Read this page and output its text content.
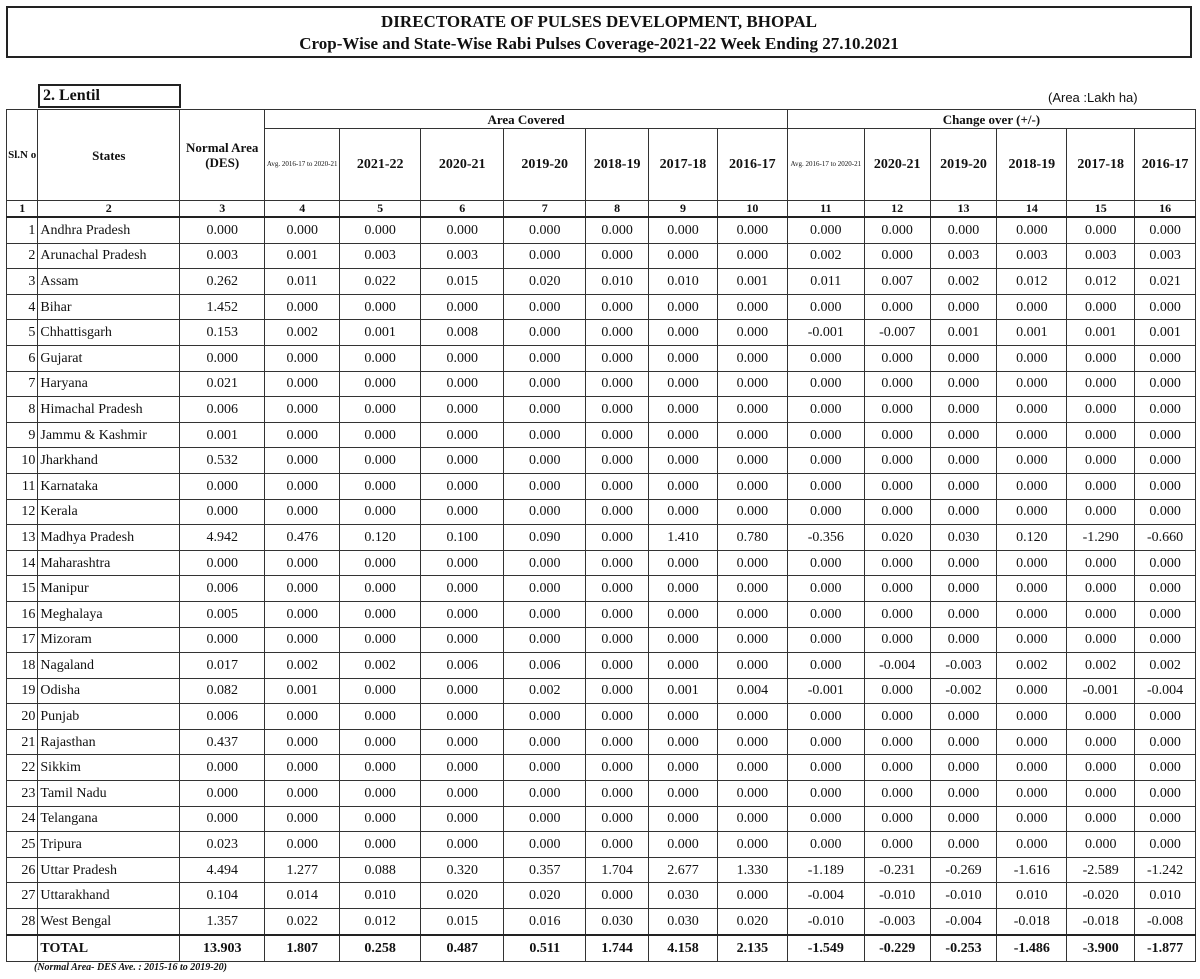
DIRECTORATE OF PULSES DEVELOPMENT, BHOPAL
Crop-Wise and State-Wise Rabi Pulses Coverage-2021-22 Week Ending 27.10.2021
2. Lentil	(Area :Lakh ha)
Sl.N o	States	Normal Area (DES)	Area Covered							Change over (+/-)					
			Avg. 2016-17 to 2020-21	2021-22	2020-21	2019-20	2018-19	2017-18	2016-17	Avg. 2016-17 to 2020-21	2020-21	2019-20	2018-19	2017-18	2016-17
1	2	3	4	5	6	7	8	9	10	11	12	13	14	15	16
1	Andhra Pradesh	0.000	0.000	0.000	0.000	0.000	0.000	0.000	0.000	0.000	0.000	0.000	0.000	0.000	0.000
2	Arunachal Pradesh	0.003	0.001	0.003	0.003	0.000	0.000	0.000	0.000	0.002	0.000	0.003	0.003	0.003	0.003
3	Assam	0.262	0.011	0.022	0.015	0.020	0.010	0.010	0.001	0.011	0.007	0.002	0.012	0.012	0.021
4	Bihar	1.452	0.000	0.000	0.000	0.000	0.000	0.000	0.000	0.000	0.000	0.000	0.000	0.000	0.000
5	Chhattisgarh	0.153	0.002	0.001	0.008	0.000	0.000	0.000	0.000	-0.001	-0.007	0.001	0.001	0.001	0.001
6	Gujarat	0.000	0.000	0.000	0.000	0.000	0.000	0.000	0.000	0.000	0.000	0.000	0.000	0.000	0.000
7	Haryana	0.021	0.000	0.000	0.000	0.000	0.000	0.000	0.000	0.000	0.000	0.000	0.000	0.000	0.000
8	Himachal Pradesh	0.006	0.000	0.000	0.000	0.000	0.000	0.000	0.000	0.000	0.000	0.000	0.000	0.000	0.000
9	Jammu & Kashmir	0.001	0.000	0.000	0.000	0.000	0.000	0.000	0.000	0.000	0.000	0.000	0.000	0.000	0.000
10	Jharkhand	0.532	0.000	0.000	0.000	0.000	0.000	0.000	0.000	0.000	0.000	0.000	0.000	0.000	0.000
11	Karnataka	0.000	0.000	0.000	0.000	0.000	0.000	0.000	0.000	0.000	0.000	0.000	0.000	0.000	0.000
12	Kerala	0.000	0.000	0.000	0.000	0.000	0.000	0.000	0.000	0.000	0.000	0.000	0.000	0.000	0.000
13	Madhya Pradesh	4.942	0.476	0.120	0.100	0.090	0.000	1.410	0.780	-0.356	0.020	0.030	0.120	-1.290	-0.660
14	Maharashtra	0.000	0.000	0.000	0.000	0.000	0.000	0.000	0.000	0.000	0.000	0.000	0.000	0.000	0.000
15	Manipur	0.006	0.000	0.000	0.000	0.000	0.000	0.000	0.000	0.000	0.000	0.000	0.000	0.000	0.000
16	Meghalaya	0.005	0.000	0.000	0.000	0.000	0.000	0.000	0.000	0.000	0.000	0.000	0.000	0.000	0.000
17	Mizoram	0.000	0.000	0.000	0.000	0.000	0.000	0.000	0.000	0.000	0.000	0.000	0.000	0.000	0.000
18	Nagaland	0.017	0.002	0.002	0.006	0.006	0.000	0.000	0.000	0.000	-0.004	-0.003	0.002	0.002	0.002
19	Odisha	0.082	0.001	0.000	0.000	0.002	0.000	0.001	0.004	-0.001	0.000	-0.002	0.000	-0.001	-0.004
20	Punjab	0.006	0.000	0.000	0.000	0.000	0.000	0.000	0.000	0.000	0.000	0.000	0.000	0.000	0.000
21	Rajasthan	0.437	0.000	0.000	0.000	0.000	0.000	0.000	0.000	0.000	0.000	0.000	0.000	0.000	0.000
22	Sikkim	0.000	0.000	0.000	0.000	0.000	0.000	0.000	0.000	0.000	0.000	0.000	0.000	0.000	0.000
23	Tamil Nadu	0.000	0.000	0.000	0.000	0.000	0.000	0.000	0.000	0.000	0.000	0.000	0.000	0.000	0.000
24	Telangana	0.000	0.000	0.000	0.000	0.000	0.000	0.000	0.000	0.000	0.000	0.000	0.000	0.000	0.000
25	Tripura	0.023	0.000	0.000	0.000	0.000	0.000	0.000	0.000	0.000	0.000	0.000	0.000	0.000	0.000
26	Uttar Pradesh	4.494	1.277	0.088	0.320	0.357	1.704	2.677	1.330	-1.189	-0.231	-0.269	-1.616	-2.589	-1.242
27	Uttarakhand	0.104	0.014	0.010	0.020	0.020	0.000	0.030	0.000	-0.004	-0.010	-0.010	0.010	-0.020	0.010
28	West Bengal	1.357	0.022	0.012	0.015	0.016	0.030	0.030	0.020	-0.010	-0.003	-0.004	-0.018	-0.018	-0.008
	TOTAL	13.903	1.807	0.258	0.487	0.511	1.744	4.158	2.135	-1.549	-0.229	-0.253	-1.486	-3.900	-1.877
(Normal Area- DES Ave. : 2015-16 to 2019-20)
